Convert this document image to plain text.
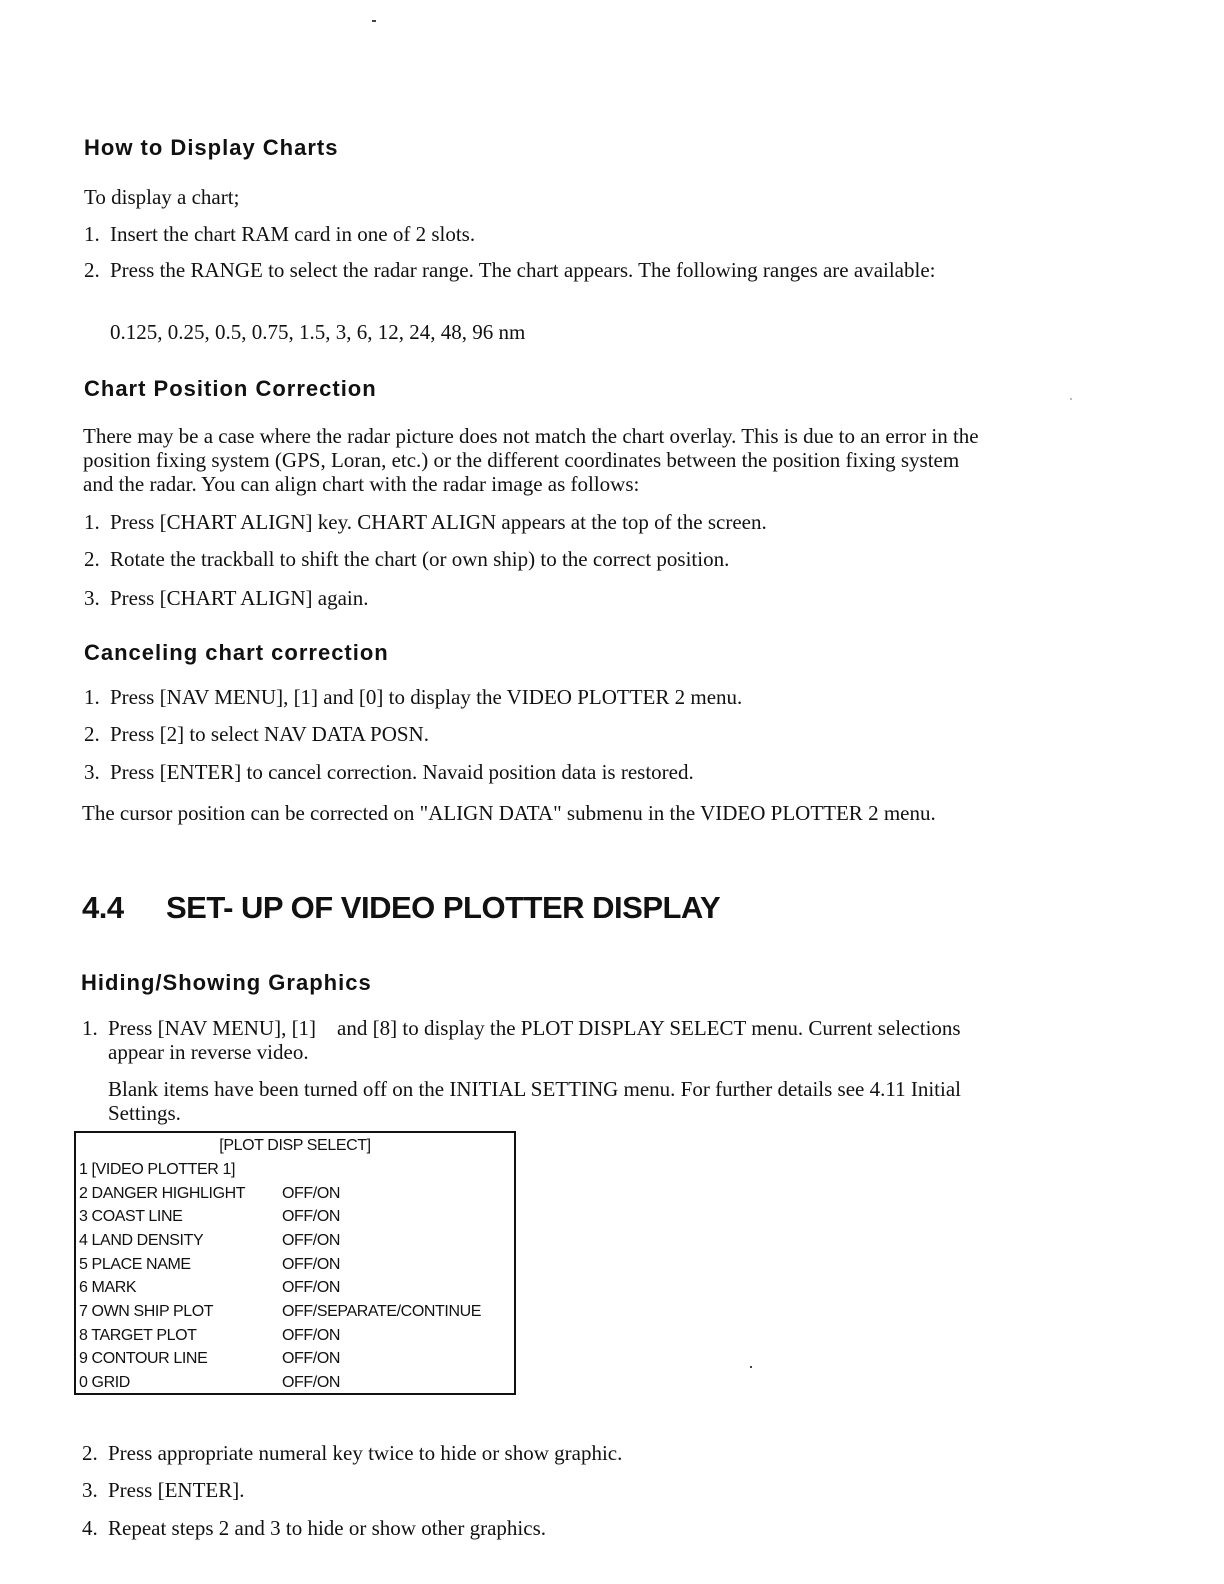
How to Display Charts

To display a chart;

1. Insert the chart RAM card in one of 2 slots.
2. Press the RANGE to select the radar range. The chart appears. The following ranges are available:

0.125, 0.25, 0.5, 0.75, 1.5, 3, 6, 12, 24, 48, 96 nm

Chart Position Correction

There may be a case where the radar picture does not match the chart overlay. This is due to an error in the position fixing system (GPS, Loran, etc.) or the different coordinates between the position fixing system and the radar. You can align chart with the radar image as follows:

1. Press [CHART ALIGN] key. CHART ALIGN appears at the top of the screen.
2. Rotate the trackball to shift the chart (or own ship) to the correct position.
3. Press [CHART ALIGN] again.
Canceling chart correction
1. Press [NAV MENU], [1] and [0] to display the VIDEO PLOTTER 2 menu.
2. Press [2] to select NAV DATA POSN.
3. Press [ENTER] to cancel correction. Navaid position data is restored.

The cursor position can be corrected on "ALIGN DATA" submenu in the VIDEO PLOTTER 2 menu.

4.4 SET- UP OF VIDEO PLOTTER DISPLAY
Hiding/Showing Graphics
1. Press [NAV MENU], [1]    and [8] to display the PLOT DISPLAY SELECT menu. Current selections appear in reverse video.

Blank items have been turned off on the INITIAL SETTING menu. For further details see 4.11 Initial Settings.

[PLOT DISP SELECT]
1 [VIDEO PLOTTER 1]
2 DANGER HIGHLIGHT OFF/ON
3 COAST LINE	OFF/ON
4 LAND DENSITY	OFF/ON
5 PLACE NAME	OFF/ON
6 MARK	OFF/ON
7 OWN SHIP PLOT	OFF/SEPARATE/CONTINUE
8 TARGET PLOT	OFF/ON
9 CONTOUR LINE	OFF/ON
0 GRID	OFF/ON
2. Press appropriate numeral key twice to hide or show graphic.
3. Press [ENTER].
4. Repeat steps 2 and 3 to hide or show other graphics.
